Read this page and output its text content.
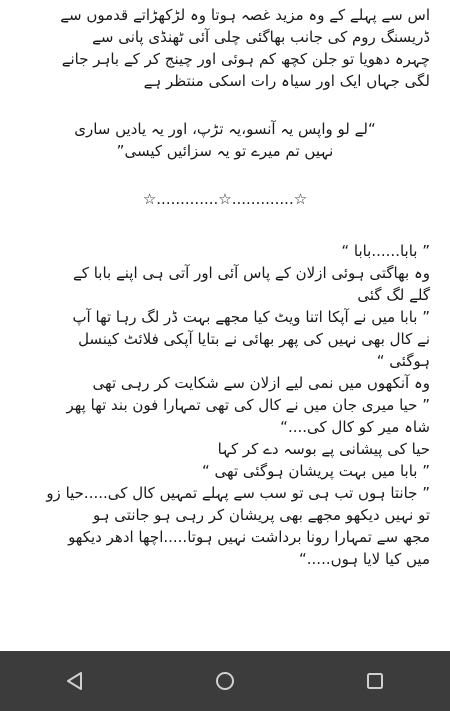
اس سے پہلے کے وہ مزید غصہ ہوتا وہ لڑکھڑاتے قدموں سے
ڈریسنگ روم کی جانب بھاگئی چلی آئی ٹھنڈی پانی سے
چہرہ دھویا تو جلن کچھ کم ہوئی اور چینج کر کے باہر جانے
لگی جہاں ایک اور سیاہ رات اسکی منتظر ہے
“لے لو واپس یہ آنسو،یہ تڑپ، اور یہ یادیں ساری
نہیں تم میرے تو یہ سزائیں کیسی”
☆.............☆.............☆
” بابا......بابا “
وہ بھاگتی ہوئی ازلان کے پاس آئی اور آتی ہی اپنے بابا کے
گلے لگ گئی
” بابا میں نے آپکا اتنا ویٹ کیا مجھے بہت ڈر لگ رہا تھا آپ
نے کال بھی نہیں کی پھر بھائی نے بتایا آپکی فلائٹ کینسل
ہوگئی “
وہ آنکھوں میں نمی لیے ازلان سے شکایت کر رہی تھی
” حیا میری جان میں نے کال کی تھی تمہارا فون بند تھا پھر
شاہ میر کو کال کی....“
حیا کی پیشانی پے بوسہ دے کر کہا
” بابا میں بہت پریشان ہوگئی تھی “
” جانتا ہوں تب ہی تو سب سے پہلے تمہیں کال کی.....حیا زو
تو نہیں دیکھو مجھے بھی پریشان کر رہی ہو جانتی ہو
مجھ سے تمہارا رونا برداشت نہیں ہوتا.....اچھا ادھر دیکھو
میں کیا لایا ہوں.....“
